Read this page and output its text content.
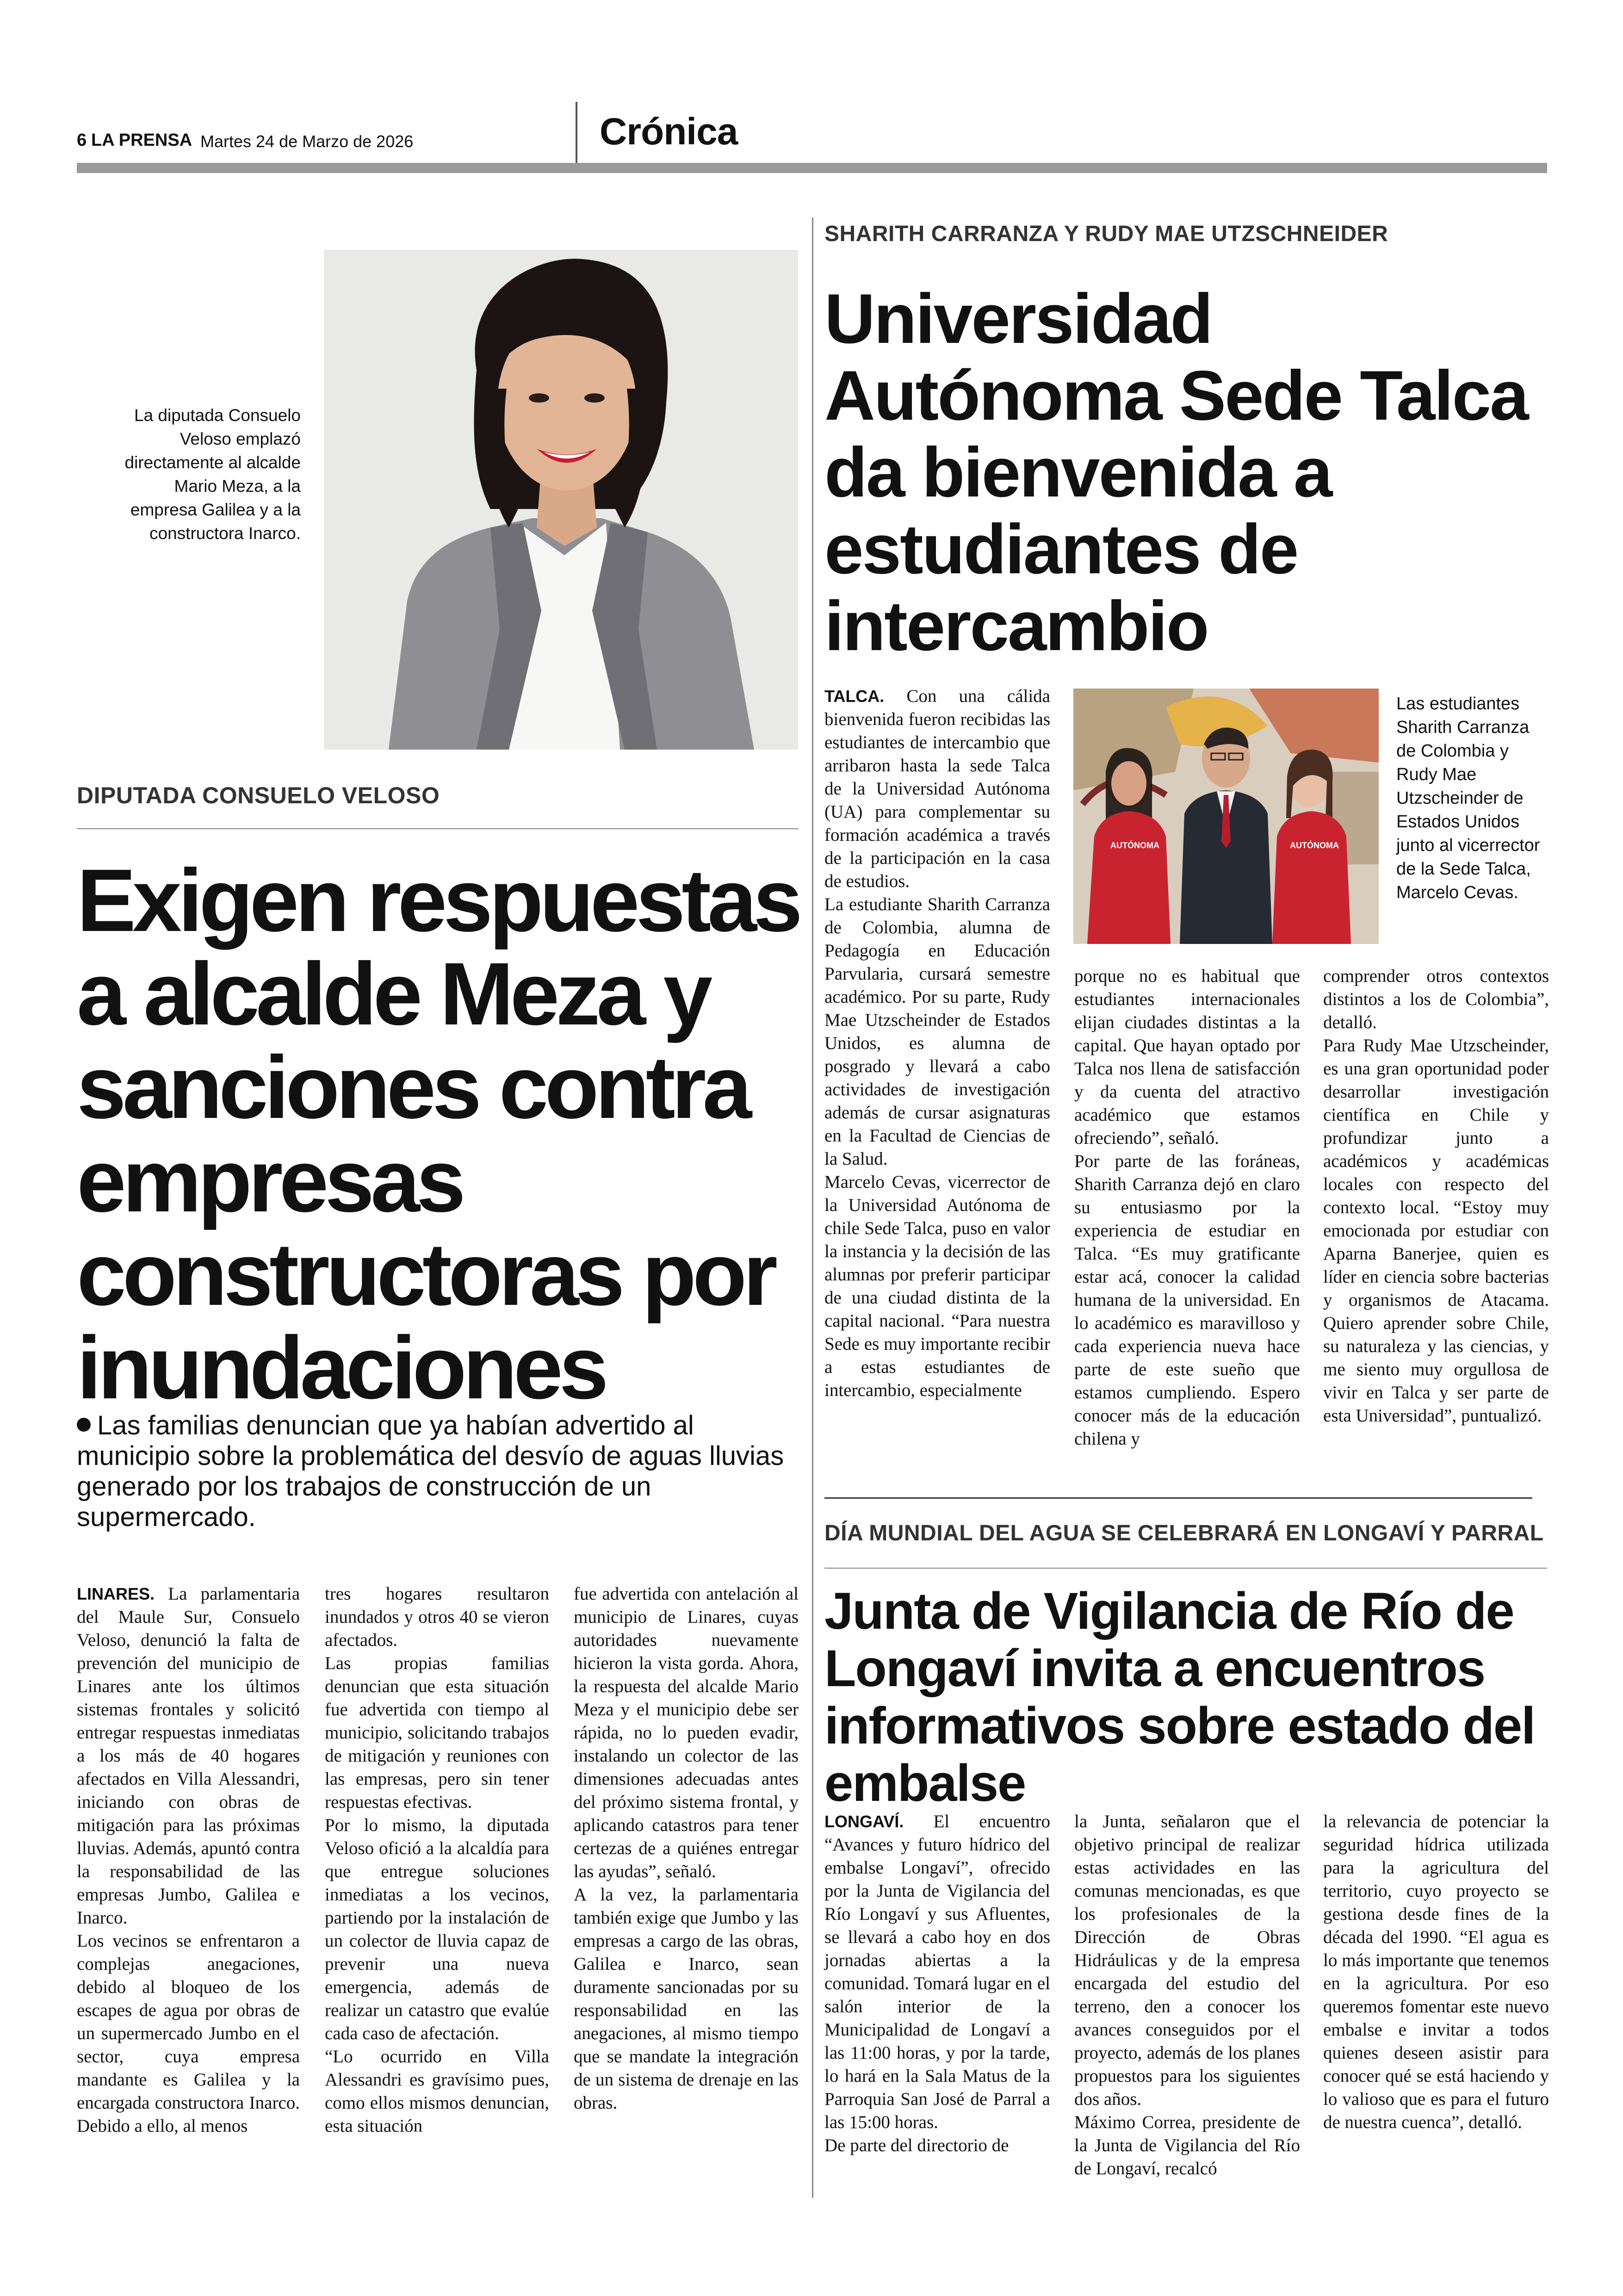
6 LA PRENSA Martes 24 de Marzo de 2026	Crónica
La diputada Consuelo Veloso emplazó directamente al alcalde Mario Meza, a la empresa Galilea y a la constructora Inarco.
DIPUTADA CONSUELO VELOSO
Exigen respuestas a alcalde Meza y sanciones contra empresas constructoras por inundaciones
Las familias denuncian que ya habían advertido al municipio sobre la problemática del desvío de aguas lluvias generado por los trabajos de construcción de un supermercado.

LINARES. La parlamentaria del Maule Sur, Consuelo Veloso, denunció la falta de prevención del municipio de Linares ante los últimos sistemas frontales y solicitó entregar respuestas inmediatas a los más de 40 hogares afectados en Villa Alessandri, iniciando con obras de mitigación para las próximas lluvias. Además, apuntó contra la responsabilidad de las empresas Jumbo, Galilea e Inarco.

Los vecinos se enfrentaron a complejas anegaciones, debido al bloqueo de los escapes de agua por obras de un supermercado Jumbo en el sector, cuya empresa mandante es Galilea y la encargada constructora Inarco. Debido a ello, al menos

tres hogares resultaron inundados y otros 40 se vieron afectados.

Las propias familias denuncian que esta situación fue advertida con tiempo al municipio, solicitando trabajos de mitigación y reuniones con las empresas, pero sin tener respuestas efectivas.

Por lo mismo, la diputada Veloso ofició a la alcaldía para que entregue soluciones inmediatas a los vecinos, partiendo por la instalación de un colector de lluvia capaz de prevenir una nueva emergencia, además de realizar un catastro que evalúe cada caso de afectación.

“Lo ocurrido en Villa Alessandri es gravísimo pues, como ellos mismos denuncian, esta situación

fue advertida con antelación al municipio de Linares, cuyas autoridades nuevamente hicieron la vista gorda. Ahora, la respuesta del alcalde Mario Meza y el municipio debe ser rápida, no lo pueden evadir, instalando un colector de las dimensiones adecuadas antes del próximo sistema frontal, y aplicando catastros para tener certezas de a quiénes entregar las ayudas”, señaló.

A la vez, la parlamentaria también exige que Jumbo y las empresas a cargo de las obras, Galilea e Inarco, sean duramente sancionadas por su responsabilidad en las anegaciones, al mismo tiempo que se mandate la integración de un sistema de drenaje en las obras.

SHARITH CARRANZA Y RUDY MAE UTZSCHNEIDER
Universidad Autónoma Sede Talca da bienvenida a estudiantes de intercambio

TALCA. Con una cálida bienvenida fueron recibidas las estudiantes de intercambio que arribaron hasta la sede Talca de la Universidad Autónoma (UA) para complementar su formación académica a través de la participación en la casa de estudios.

La estudiante Sharith Carranza de Colombia, alumna de Pedagogía en Educación Parvularia, cursará semestre académico. Por su parte, Rudy Mae Utzscheinder de Estados Unidos, es alumna de posgrado y llevará a cabo actividades de investigación además de cursar asignaturas en la Facultad de Ciencias de la Salud.

Marcelo Cevas, vicerrector de la Universidad Autónoma de chile Sede Talca, puso en valor la instancia y la decisión de las alumnas por preferir participar de una ciudad distinta de la capital nacional. “Para nuestra Sede es muy importante recibir a estas estudiantes de intercambio, especialmente

AUTÓNOMA	AUTÓNOMA
Las estudiantes Sharith Carranza de Colombia y Rudy Mae Utzscheinder de Estados Unidos junto al vicerrector de la Sede Talca, Marcelo Cevas.

porque no es habitual que estudiantes internacionales elijan ciudades distintas a la capital. Que hayan optado por Talca nos llena de satisfacción y da cuenta del atractivo académico que estamos ofreciendo”, señaló.

Por parte de las foráneas, Sharith Carranza dejó en claro su entusiasmo por la experiencia de estudiar en Talca. “Es muy gratificante estar acá, conocer la calidad humana de la universidad. En lo académico es maravilloso y cada experiencia nueva hace parte de este sueño que estamos cumpliendo. Espero conocer más de la educación chilena y

comprender otros contextos distintos a los de Colombia”, detalló.

Para Rudy Mae Utzscheinder, es una gran oportunidad poder desarrollar investigación científica en Chile y profundizar junto a académicos y académicas locales con respecto del contexto local. “Estoy muy emocionada por estudiar con Aparna Banerjee, quien es líder en ciencia sobre bacterias y organismos de Atacama. Quiero aprender sobre Chile, su naturaleza y las ciencias, y me siento muy orgullosa de vivir en Talca y ser parte de esta Universidad”, puntualizó.

DÍA MUNDIAL DEL AGUA SE CELEBRARÁ EN LONGAVÍ Y PARRAL
Junta de Vigilancia de Río de Longaví invita a encuentros informativos sobre estado del embalse

LONGAVÍ. El encuentro “Avances y futuro hídrico del embalse Longaví”, ofrecido por la Junta de Vigilancia del Río Longaví y sus Afluentes, se llevará a cabo hoy en dos jornadas abiertas a la comunidad. Tomará lugar en el salón interior de la Municipalidad de Longaví a las 11:00 horas, y por la tarde, lo hará en la Sala Matus de la Parroquia San José de Parral a las 15:00 horas.

De parte del directorio de

la Junta, señalaron que el objetivo principal de realizar estas actividades en las comunas mencionadas, es que los profesionales de la Dirección de Obras Hidráulicas y de la empresa encargada del estudio del terreno, den a conocer los avances conseguidos por el proyecto, además de los planes propuestos para los siguientes dos años.

Máximo Correa, presidente de la Junta de Vigilancia del Río de Longaví, recalcó

la relevancia de potenciar la seguridad hídrica utilizada para la agricultura del territorio, cuyo proyecto se gestiona desde fines de la década del 1990. “El agua es lo más importante que tenemos en la agricultura. Por eso queremos fomentar este nuevo embalse e invitar a todos quienes deseen asistir para conocer qué se está haciendo y lo valioso que es para el futuro de nuestra cuenca”, detalló.
